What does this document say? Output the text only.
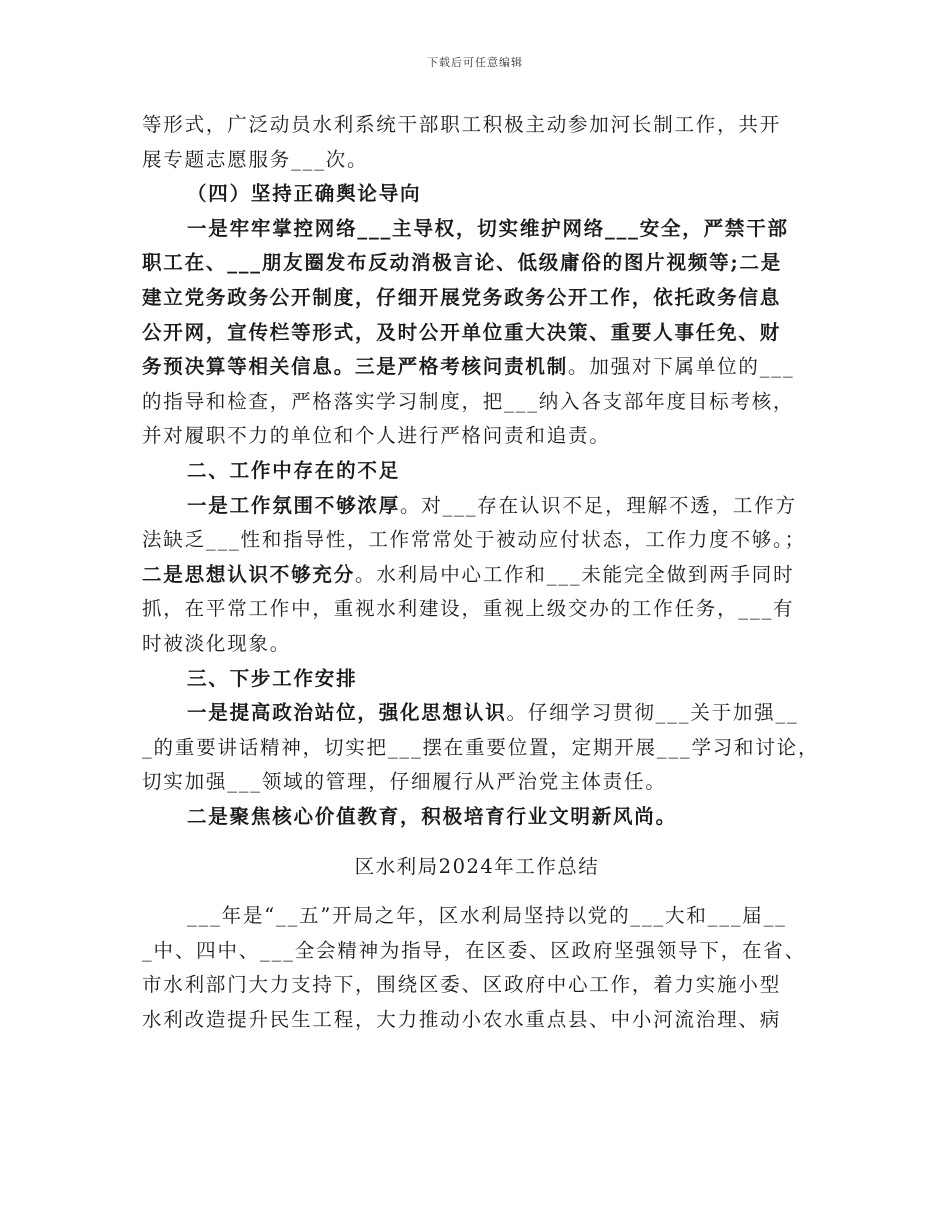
下载后可任意编辑
等形式，广泛动员水利系统干部职工积极主动参加河长制工作，共开
展专题志愿服务___次。
（四）坚持正确舆论导向
一是牢牢掌控网络___主导权，切实维护网络___安全，严禁干部
职工在、___朋友圈发布反动消极言论、低级庸俗的图片视频等;二是
建立党务政务公开制度，仔细开展党务政务公开工作，依托政务信息
公开网，宣传栏等形式，及时公开单位重大决策、重要人事任免、财
务预决算等相关信息。三是严格考核问责机制。加强对下属单位的___
的指导和检查，严格落实学习制度，把___纳入各支部年度目标考核，
并对履职不力的单位和个人进行严格问责和追责。
二、工作中存在的不足
一是工作氛围不够浓厚。对___存在认识不足，理解不透，工作方
法缺乏___性和指导性，工作常常处于被动应付状态，工作力度不够。；
二是思想认识不够充分。水利局中心工作和___未能完全做到两手同时
抓，在平常工作中，重视水利建设，重视上级交办的工作任务，___有
时被淡化现象。
三、下步工作安排
一是提高政治站位，强化思想认识。仔细学习贯彻___关于加强__
_的重要讲话精神，切实把___摆在重要位置，定期开展___学习和讨论，
切实加强___领域的管理，仔细履行从严治党主体责任。
二是聚焦核心价值教育，积极培育行业文明新风尚。
区水利局2024年工作总结
___年是“__五”开局之年，区水利局坚持以党的___大和___届__
_中、四中、___全会精神为指导，在区委、区政府坚强领导下，在省、
市水利部门大力支持下，围绕区委、区政府中心工作，着力实施小型
水利改造提升民生工程，大力推动小农水重点县、中小河流治理、病
